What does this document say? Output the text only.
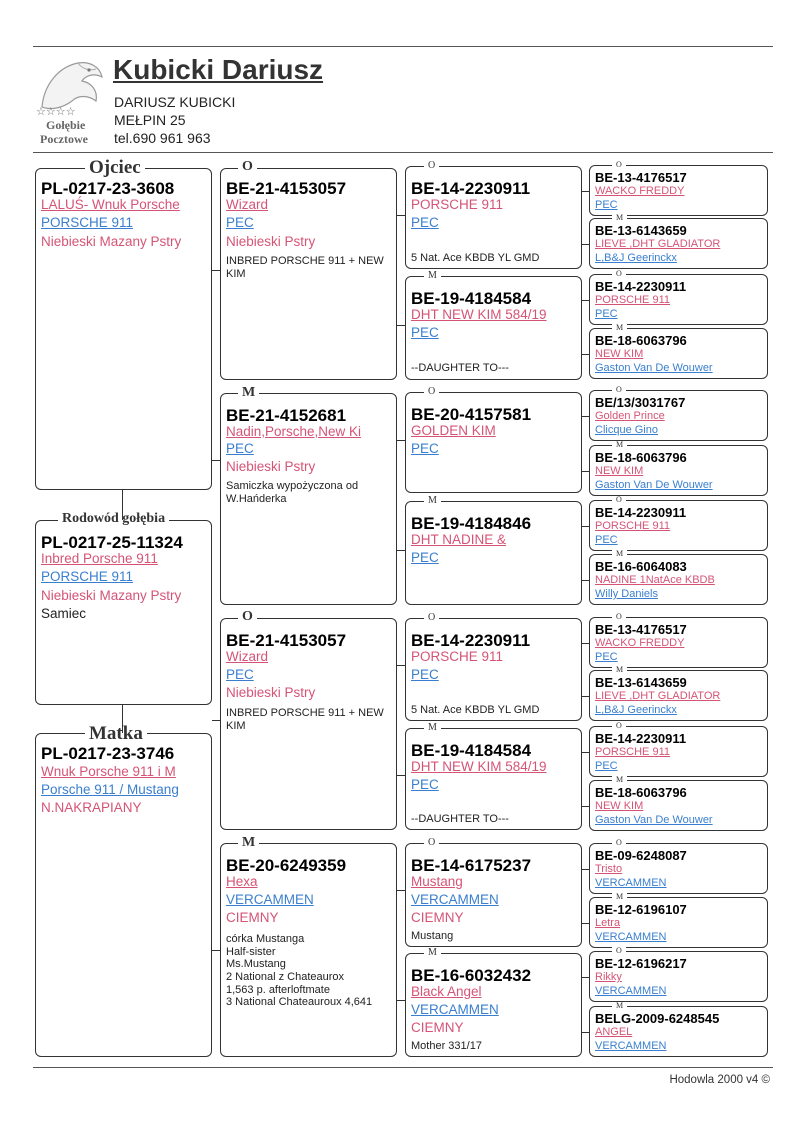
☆☆☆☆
Gołębie
Pocztowe
Kubicki Dariusz
DARIUSZ KUBICKI
MEŁPIN 25
tel.690 961 963
PL-0217-23-3608
LALUŚ- Wnuk Porsche
PORSCHE 911
Niebieski Mazany Pstry
Ojciec
PL-0217-25-11324
Inbred Porsche 911
PORSCHE 911
Niebieski Mazany Pstry
Samiec
Rodowód gołębia
PL-0217-23-3746
Wnuk Porsche 911 i M
Porsche 911 / Mustang
N.NAKRAPIANY
Matka
BE-21-4153057
Wizard
PEC
Niebieski Pstry
INBRED PORSCHE 911 + NEW KIM
O
BE-21-4152681
Nadin,Porsche,New Ki
PEC
Niebieski Pstry
Samiczka wypożyczona od W.Hańderka
M
BE-21-4153057
Wizard
PEC
Niebieski Pstry
INBRED PORSCHE 911 + NEW KIM
O
BE-20-6249359
Hexa
VERCAMMEN
CIEMNY
córka Mustanga
Half-sister
Ms.Mustang
2 National z Chateaurox
1,563 p. afterloftmate
3 National Chateauroux 4,641
M
BE-14-2230911
PORSCHE 911
PEC
5 Nat. Ace KBDB YL GMD
O
BE-19-4184584
DHT NEW KIM 584/19
PEC
--DAUGHTER TO---
M
BE-20-4157581
GOLDEN KIM
PEC
O
BE-19-4184846
DHT NADINE &
PEC
M
BE-14-2230911
PORSCHE 911
PEC
5 Nat. Ace KBDB YL GMD
O
BE-19-4184584
DHT NEW KIM 584/19
PEC
--DAUGHTER TO---
M
BE-14-6175237
Mustang
VERCAMMEN
CIEMNY
Mustang
O
BE-16-6032432
Black Angel
VERCAMMEN
CIEMNY
Mother 331/17
M
BE-13-4176517
WACKO FREDDY
PEC
O
BE-13-6143659
LIEVE ,DHT GLADIATOR
L,B&J Geerinckx
M
BE-14-2230911
PORSCHE 911
PEC
O
BE-18-6063796
NEW KIM
Gaston Van De Wouwer
M
BE/13/3031767
Golden Prince
Clicque Gino
O
BE-18-6063796
NEW KIM
Gaston Van De Wouwer
M
BE-14-2230911
PORSCHE 911
PEC
O
BE-16-6064083
NADINE 1NatAce KBDB
Willy Daniels
M
BE-13-4176517
WACKO FREDDY
PEC
O
BE-13-6143659
LIEVE ,DHT GLADIATOR
L,B&J Geerinckx
M
BE-14-2230911
PORSCHE 911
PEC
O
BE-18-6063796
NEW KIM
Gaston Van De Wouwer
M
BE-09-6248087
Tristo
VERCAMMEN
O
BE-12-6196107
Letra
VERCAMMEN
M
BE-12-6196217
Rikky
VERCAMMEN
O
BELG-2009-6248545
ANGEL
VERCAMMEN
M
Hodowla 2000 v4 ©
